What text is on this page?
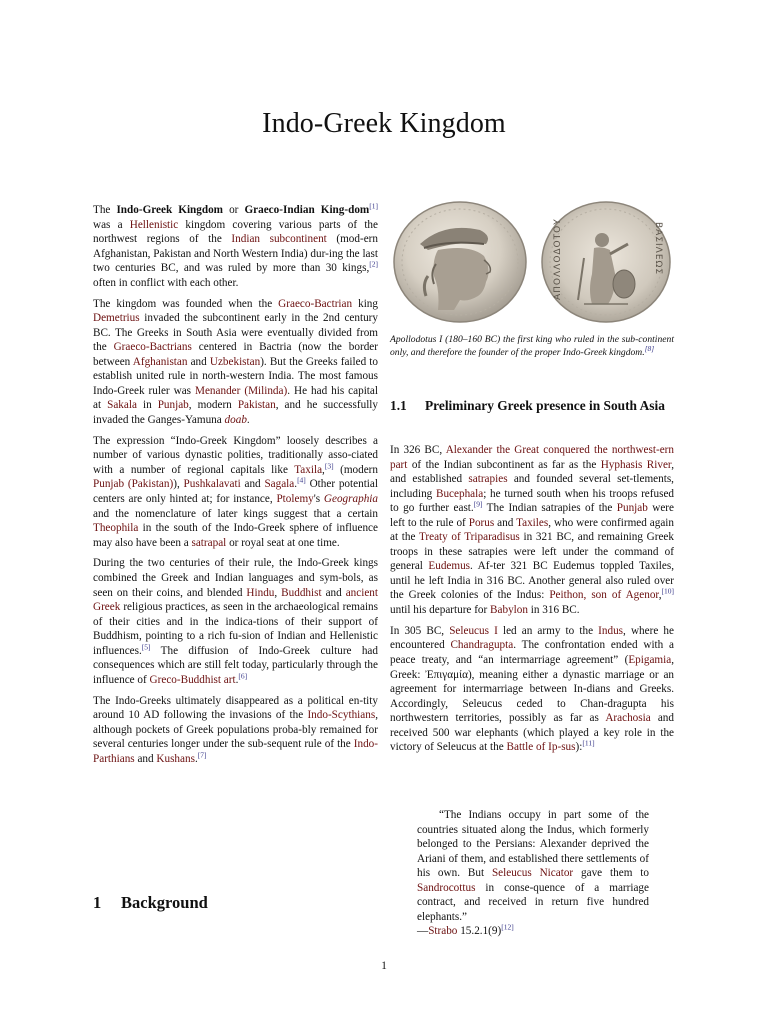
Indo-Greek Kingdom

The Indo-Greek Kingdom or Graeco-Indian King-dom[1] was a Hellenistic kingdom covering various parts of the northwest regions of the Indian subcontinent (mod-ern Afghanistan, Pakistan and North Western India) dur-ing the last two centuries BC, and was ruled by more than 30 kings,[2] often in conflict with each other.

The kingdom was founded when the Graeco-Bactrian king Demetrius invaded the subcontinent early in the 2nd century BC. The Greeks in South Asia were eventually divided from the Graeco-Bactrians centered in Bactria (now the border between Afghanistan and Uzbekistan). But the Greeks failed to establish united rule in north-western India. The most famous Indo-Greek ruler was Menander (Milinda). He had his capital at Sakala in Punjab, modern Pakistan, and he successfully invaded the Ganges-Yamuna doab.

The expression “Indo-Greek Kingdom” loosely describes a number of various dynastic polities, traditionally asso-ciated with a number of regional capitals like Taxila,[3] (modern Punjab (Pakistan)), Pushkalavati and Sagala.[4] Other potential centers are only hinted at; for instance, Ptolemy's Geographia and the nomenclature of later kings suggest that a certain Theophila in the south of the Indo-Greek sphere of influence may also have been a satrapal or royal seat at one time.

During the two centuries of their rule, the Indo-Greek kings combined the Greek and Indian languages and sym-bols, as seen on their coins, and blended Hindu, Buddhist and ancient Greek religious practices, as seen in the archaeological remains of their cities and in the indica-tions of their support of Buddhism, pointing to a rich fu-sion of Indian and Hellenistic influences.[5] The diffusion of Indo-Greek culture had consequences which are still felt today, particularly through the influence of Greco-Buddhist art.[6]

The Indo-Greeks ultimately disappeared as a political en-tity around 10 AD following the invasions of the Indo-Scythians, although pockets of Greek populations proba-bly remained for several centuries longer under the sub-sequent rule of the Indo-Parthians and Kushans.[7]

ΒΑΣΙΛΕΩΣ
ΑΠΟΛΛΟΔΟΤΟΥ
Apollodotus I (180–160 BC) the first king who ruled in the sub-continent only, and therefore the founder of the proper Indo-Greek kingdom.[8]
1.1 Preliminary Greek presence in South Asia

In 326 BC, Alexander the Great conquered the northwest-ern part of the Indian subcontinent as far as the Hyphasis River, and established satrapies and founded several set-tlements, including Bucephala; he turned south when his troops refused to go further east.[9] The Indian satrapies of the Punjab were left to the rule of Porus and Taxiles, who were confirmed again at the Treaty of Triparadisus in 321 BC, and remaining Greek troops in these satrapies were left under the command of general Eudemus. Af-ter 321 BC Eudemus toppled Taxiles, until he left India in 316 BC. Another general also ruled over the Greek colonies of the Indus: Peithon, son of Agenor,[10] until his departure for Babylon in 316 BC.

In 305 BC, Seleucus I led an army to the Indus, where he encountered Chandragupta. The confrontation ended with a peace treaty, and “an intermarriage agreement” (Epigamia, Greek: Ἐπιγαμία), meaning either a dynastic marriage or an agreement for intermarriage between In-dians and Greeks. Accordingly, Seleucus ceded to Chan-dragupta his northwestern territories, possibly as far as Arachosia and received 500 war elephants (which played a key role in the victory of Seleucus at the Battle of Ip-sus):[11]

“The Indians occupy in part some of the countries situated along the Indus, which formerly belonged to the Persians: Alexander deprived the Ariani of them, and established there settlements of his own. But Seleucus Nicator gave them to Sandrocottus in conse-quence of a marriage contract, and received in return five hundred elephants.”

—Strabo 15.2.1(9)[12]

1 Background
1
